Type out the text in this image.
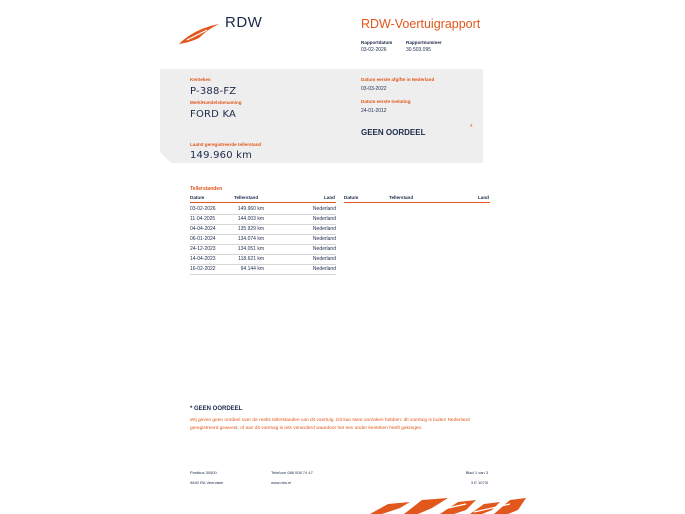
RDW	RDW-Voertuigrapport
Rapportdatum
03-02-2026
Rapportnummer
30.503.095
Kenteken
P-388-FZ
Merk/Handelsbenaming
FORD KA
Datum eerste afgifte in Nederland
03-03-2022
Datum eerste toelating
24-01-2012
GEEN OORDEEL
*
Laatst geregistreerde tellerstand
149.960 km
Tellerstanden
Datum	Tellerstand	Land Datum	Tellerstand	Land
03-02-2026	149.960 km	Nederland
11-04-2025	144.003 km	Nederland
04-04-2024	135.929 km	Nederland
06-01-2024	134.074 km	Nederland
24-12-2023	134.051 km	Nederland
14-04-2023	118.621 km	Nederland
16-02-2022	94.144 km	Nederland
* GEEN OORDEEL
Wij geven geen oordeel over de reeks tellerstanden van dit voertuig. Dit kan twee oorzaken hebben: dit voertuig is buiten Nederland geregistreerd geweest, of aan dit voertuig is iets veranderd waardoor het een ander kenteken heeft gekregen.
Postbus 30000
9640 RA Veendam
Telefoon 088 008 74 47
www.rdw.nl
Blad 1 van 3
3 E 1073I
